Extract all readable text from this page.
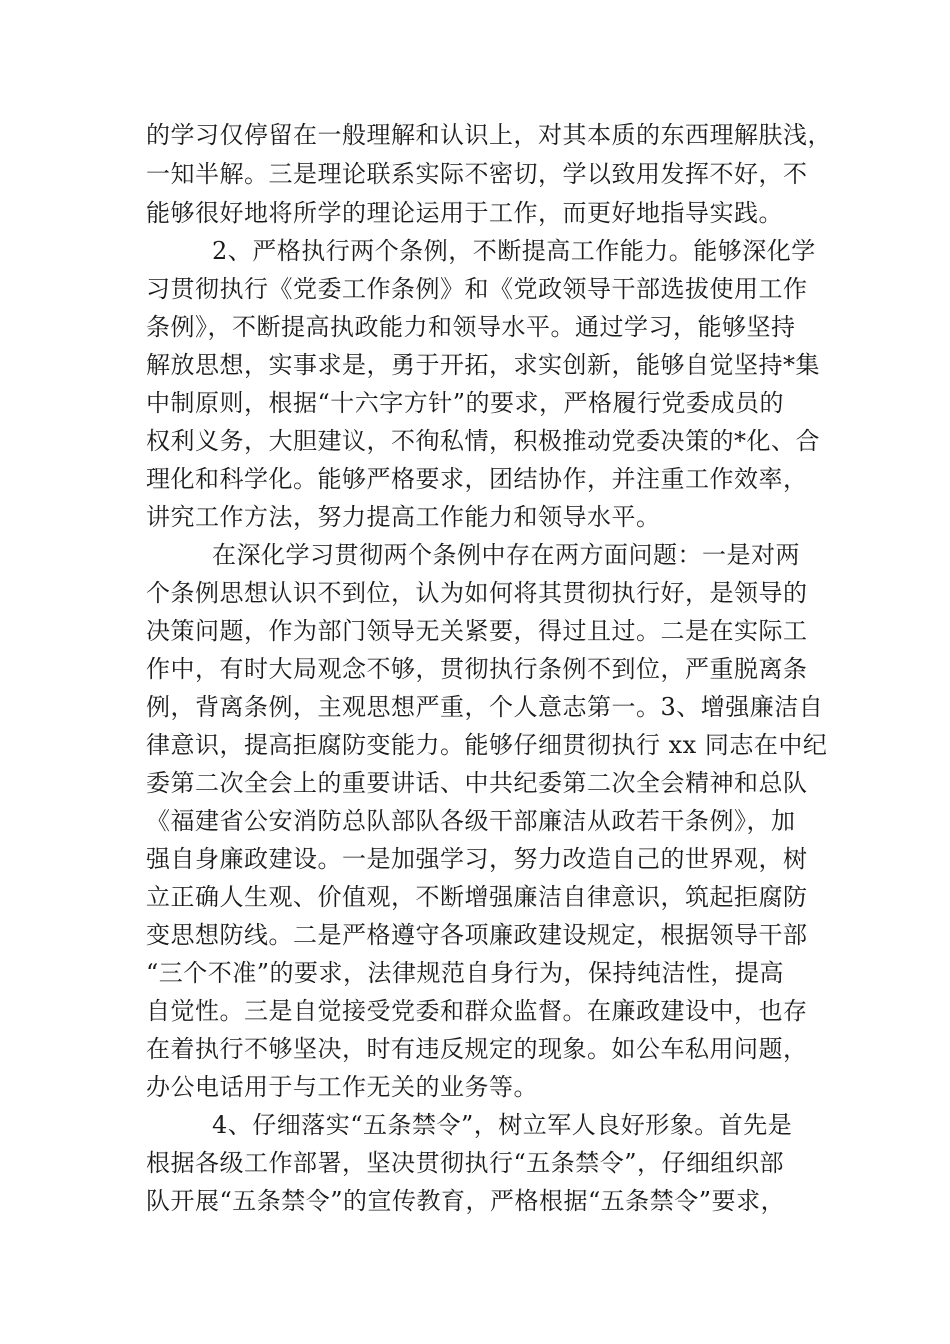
的学习仅停留在一般理解和认识上，对其本质的东西理解肤浅，
一知半解。三是理论联系实际不密切，学以致用发挥不好，不
能够很好地将所学的理论运用于工作，而更好地指导实践。
2、严格执行两个条例，不断提高工作能力。能够深化学
习贯彻执行《党委工作条例》和《党政领导干部选拔使用工作
条例》，不断提高执政能力和领导水平。通过学习，能够坚持
解放思想，实事求是，勇于开拓，求实创新，能够自觉坚持*集
中制原则，根据“十六字方针”的要求，严格履行党委成员的
权利义务，大胆建议，不徇私情，积极推动党委决策的*化、合
理化和科学化。能够严格要求，团结协作，并注重工作效率，
讲究工作方法，努力提高工作能力和领导水平。
在深化学习贯彻两个条例中存在两方面问题：一是对两
个条例思想认识不到位，认为如何将其贯彻执行好，是领导的
决策问题，作为部门领导无关紧要，得过且过。二是在实际工
作中，有时大局观念不够，贯彻执行条例不到位，严重脱离条
例，背离条例，主观思想严重，个人意志第一。3、增强廉洁自
律意识，提高拒腐防变能力。能够仔细贯彻执行 xx 同志在中纪
委第二次全会上的重要讲话、中共纪委第二次全会精神和总队
《福建省公安消防总队部队各级干部廉洁从政若干条例》，加
强自身廉政建设。一是加强学习，努力改造自己的世界观，树
立正确人生观、价值观，不断增强廉洁自律意识，筑起拒腐防
变思想防线。二是严格遵守各项廉政建设规定，根据领导干部
“三个不准”的要求，法律规范自身行为，保持纯洁性，提高
自觉性。三是自觉接受党委和群众监督。在廉政建设中，也存
在着执行不够坚决，时有违反规定的现象。如公车私用问题，
办公电话用于与工作无关的业务等。
4、仔细落实“五条禁令”，树立军人良好形象。首先是
根据各级工作部署，坚决贯彻执行“五条禁令”，仔细组织部
队开展“五条禁令”的宣传教育，严格根据“五条禁令”要求，
